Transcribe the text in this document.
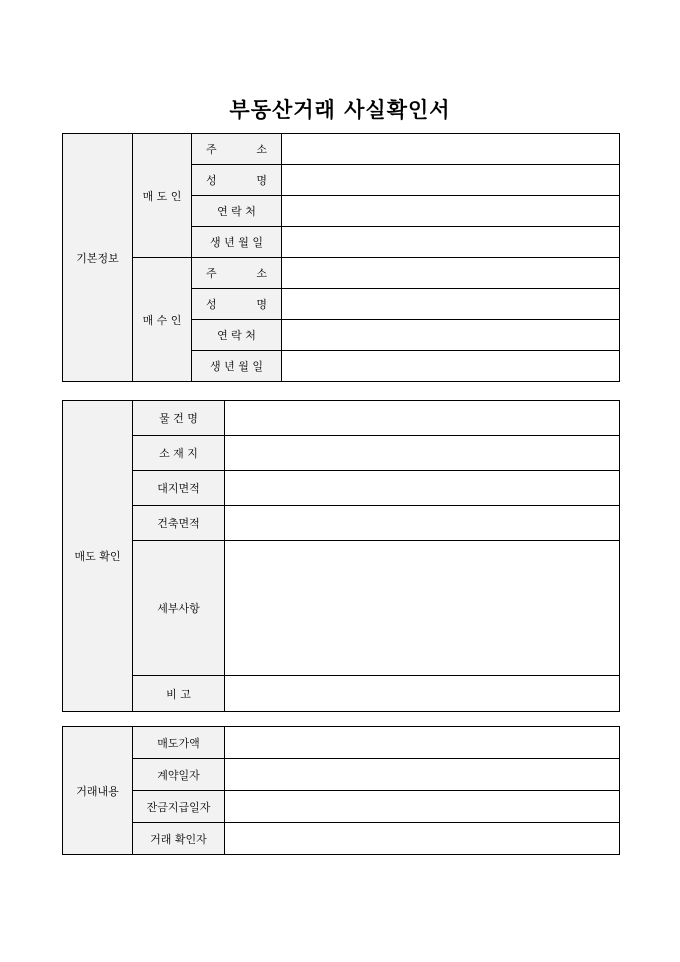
부동산거래 사실확인서
기본정보	매 도 인	주 소	

		성 명	

		연 락 처	
		생 년 월 일	
	매 수 인	주 소	

		성 명	

		연 락 처	
		생 년 월 일	
매도 확인	물 건 명	
	소 재 지	
	대지면적	
	건축면적	
	세부사항	

	비 고	

거래내용	매도가액	
	계약일자	
	잔금지급일자	
	거래 확인자	
